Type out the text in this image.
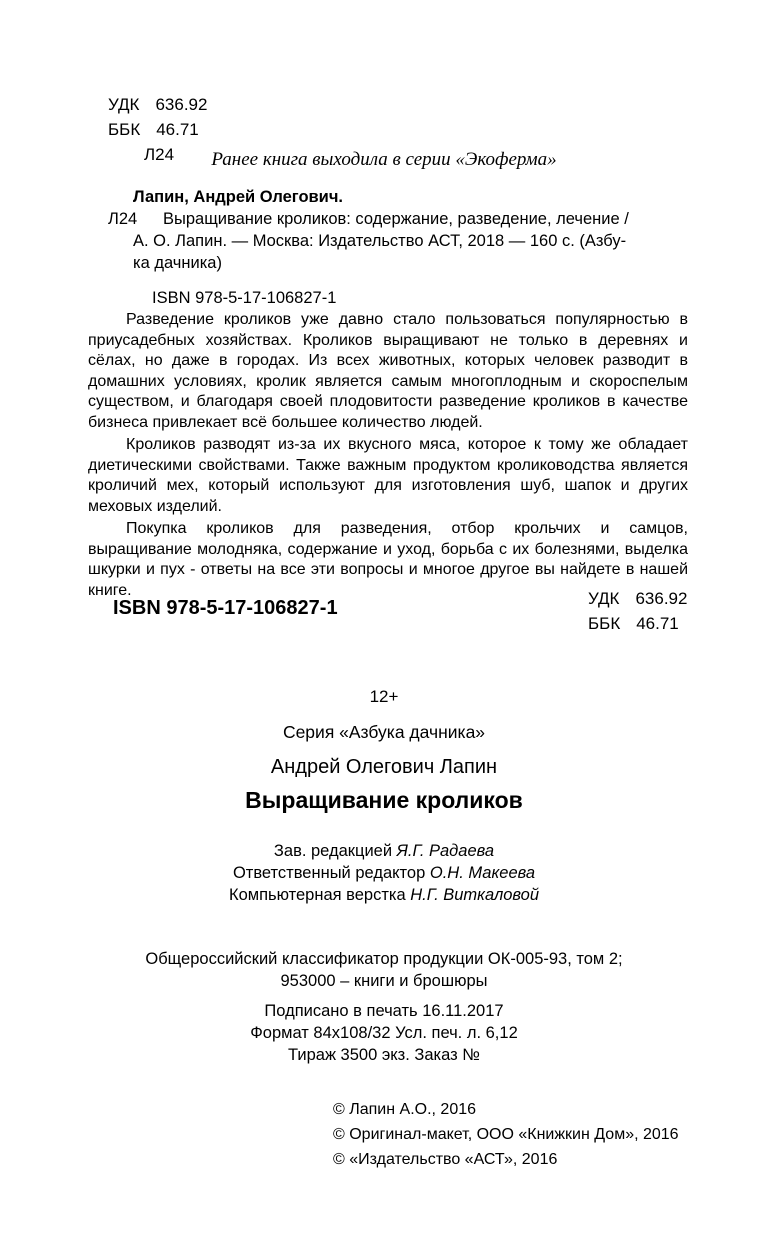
УДК 636.92
ББК 46.71
Л24	Ранее книга выходила в серии «Экоферма»
Лапин, Андрей Олегович.
Л24	Выращивание кроликов: содержание, разведение, лечение /
А. О. Лапин. — Москва: Издательство АСТ, 2018 — 160 с. (Азбу-
ка дачника)
ISBN 978-5-17-106827-1

Разведение кроликов уже давно стало пользоваться популярностью в приусадебных хозяйствах. Кроликов выращивают не только в деревнях и сёлах, но даже в городах. Из всех животных, которых человек разводит в домашних условиях, кролик является самым многоплодным и скороспелым существом, и благодаря своей плодовитости разведение кроликов в качестве бизнеса привлекает всё большее количество людей.

Кроликов разводят из-за их вкусного мяса, которое к тому же обладает диетическими свойствами. Также важным продуктом кролиководства является кроличий мех, который используют для изготовления шуб, шапок и других меховых изделий.

Покупка кроликов для разведения, отбор крольчих и самцов, выращивание молодняка, содержание и уход, борьба с их болезнями, выделка шкурки и пух - ответы на все эти вопросы и многое другое вы найдете в нашей книге.

ISBN 978-5-17-106827-1	УДК 636.92
ББК 46.71
12+
Серия «Азбука дачника»
Андрей Олегович Лапин
Выращивание кроликов
Зав. редакцией Я.Г. Радаева
Ответственный редактор О.Н. Макеева
Компьютерная верстка Н.Г. Виткаловой
Общероссийский классификатор продукции ОК-005-93, том 2;
953000 – книги и брошюры
Подписано в печать 16.11.2017
Формат 84х108/32 Усл. печ. л. 6,12
Тираж 3500 экз. Заказ №
© Лапин А.О., 2016
© Оригинал-макет, ООО «Книжкин Дом», 2016
© «Издательство «АСТ», 2016
